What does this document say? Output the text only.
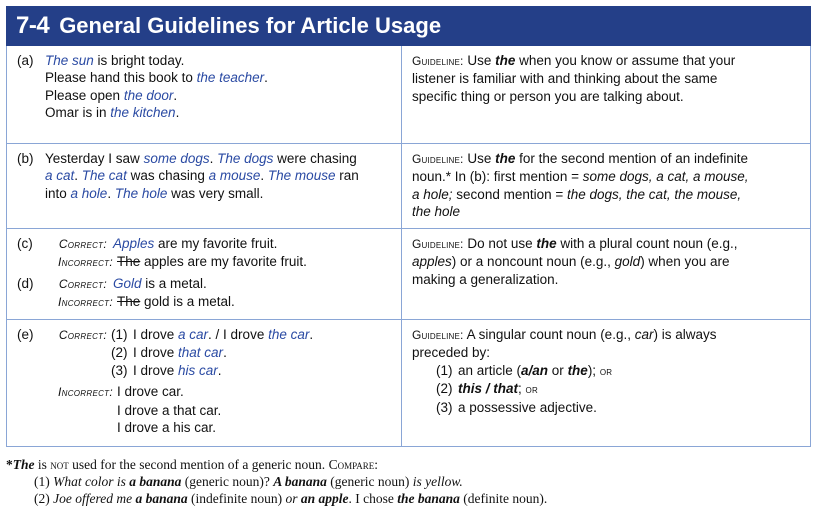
7-4 General Guidelines for Article Usage
(a) The sun is bright today.
Please hand this book to the teacher.
Please open the door.
Omar is in the kitchen.
Guideline: Use the when you know or assume that your
listener is familiar with and thinking about the same
specific thing or person you are talking about.
(b) Yesterday I saw some dogs. The dogs were chasing
a cat. The cat was chasing a mouse. The mouse ran
into a hole. The hole was very small.
Guideline: Use the for the second mention of an indefinite
noun.* In (b): first mention = some dogs, a cat, a mouse,
a hole; second mention = the dogs, the cat, the mouse,
the hole
(c)	Correct: Apples are my favorite fruit.
Incorrect: The apples are my favorite fruit.
(d)	Correct: Gold is a metal.
Incorrect: The gold is a metal.
Guideline: Do not use the with a plural count noun (e.g.,
apples) or a noncount noun (e.g., gold) when you are
making a generalization.
(e)	Correct: (1) I drove a car. / I drove the car.
(2) I drove that car.
(3) I drove his car.
Incorrect: I drove car.
I drove a that car.
I drove a his car.
Guideline: A singular count noun (e.g., car) is always
preceded by:
(1) an article (a/an or the); or
(2) this / that; or
(3) a possessive adjective.
*The is not used for the second mention of a generic noun. Compare:
(1) What color is a banana (generic noun)? A banana (generic noun) is yellow.
(2) Joe offered me a banana (indefinite noun) or an apple. I chose the banana (definite noun).
